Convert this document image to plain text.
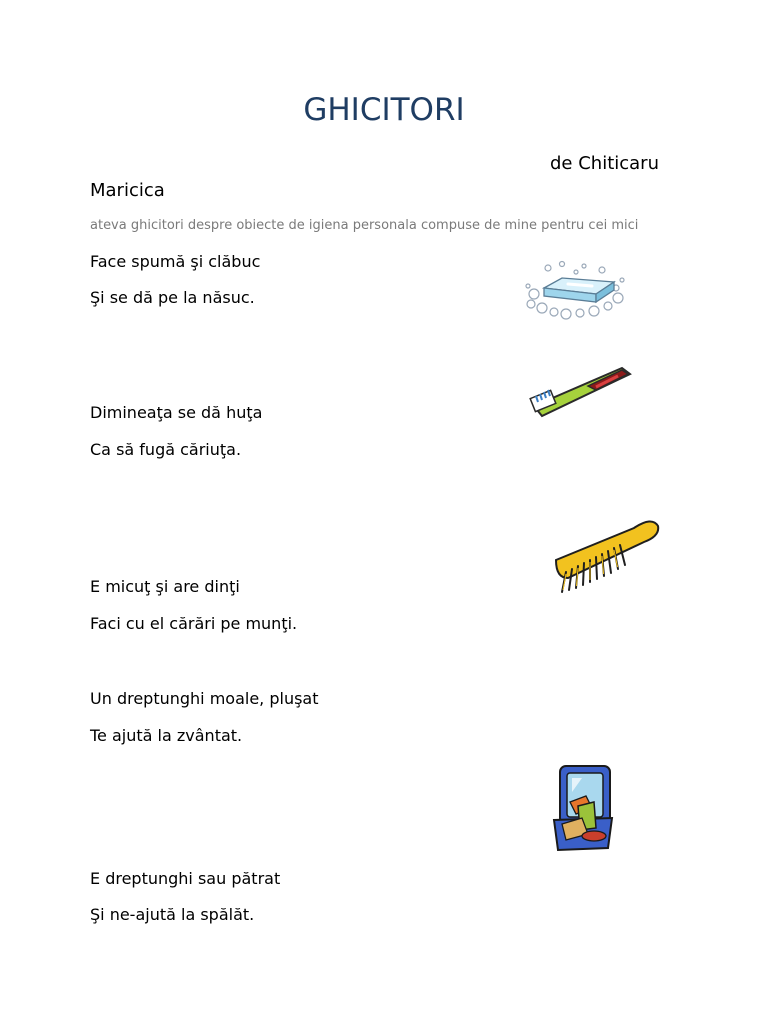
GHICITORI
de Chiticaru
Maricica
ateva ghicitori despre obiecte de igiena personala compuse de mine pentru cei mici
Face spumă şi clăbuc
Şi se dă pe la năsuc.
Dimineaţa se dă huţa
Ca să fugă căriuţa.
E micuţ şi are dinţi
Faci cu el cărări pe munţi.
Un dreptunghi moale, pluşat
Te ajută la zvântat.
E dreptunghi sau pătrat
Şi ne-ajută la spălăt.
